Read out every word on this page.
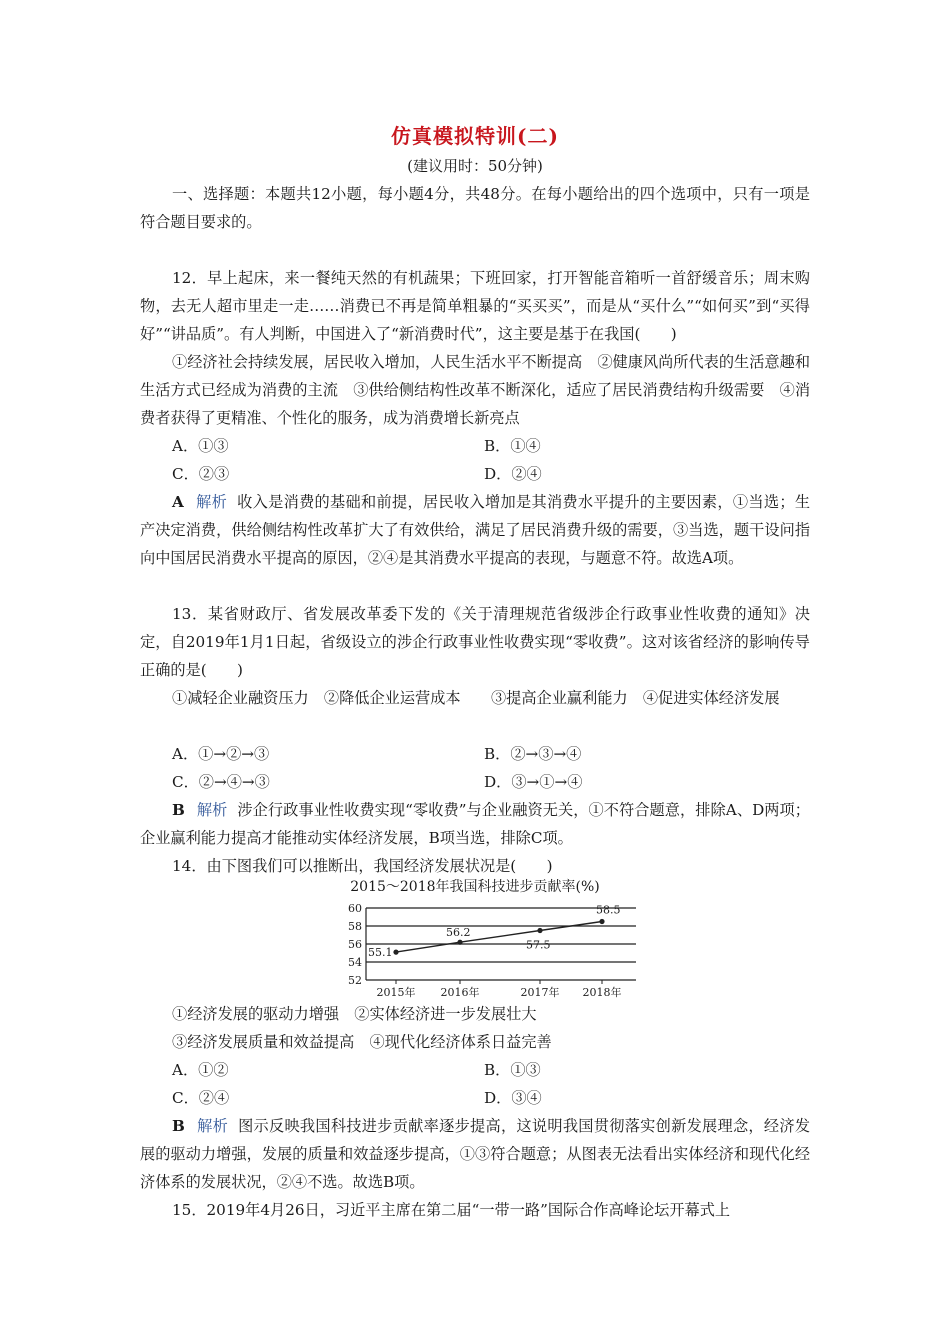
仿真模拟特训(二)
(建议用时：50分钟)

一、选择题：本题共12小题，每小题4分，共48分。在每小题给出的四个选项中，只有一项是符合题目要求的。

12．早上起床，来一餐纯天然的有机蔬果；下班回家，打开智能音箱听一首舒缓音乐；周末购物，去无人超市里走一走……消费已不再是简单粗暴的“买买买”，而是从“买什么”“如何买”到“买得好”“讲品质”。有人判断，中国进入了“新消费时代”，这主要是基于在我国(　　)

①经济社会持续发展，居民收入增加，人民生活水平不断提高　②健康风尚所代表的生活意趣和生活方式已经成为消费的主流　③供给侧结构性改革不断深化，适应了居民消费结构升级需要　④消费者获得了更精准、个性化的服务，成为消费增长新亮点

A．①③	B．①④
C．②③	D．②④

A 解析 收入是消费的基础和前提，居民收入增加是其消费水平提升的主要因素，①当选；生产决定消费，供给侧结构性改革扩大了有效供给，满足了居民消费升级的需要，③当选，题干设问指向中国居民消费水平提高的原因，②④是其消费水平提高的表现，与题意不符。故选A项。

13．某省财政厅、省发展改革委下发的《关于清理规范省级涉企行政事业性收费的通知》决定，自2019年1月1日起，省级设立的涉企行政事业性收费实现“零收费”。这对该省经济的影响传导正确的是(　　)

①减轻企业融资压力　②降低企业运营成本　　③提高企业赢利能力　④促进实体经济发展

A．①→②→③	B．②→③→④
C．②→④→③	D．③→①→④

B 解析 涉企行政事业性收费实现“零收费”与企业融资无关，①不符合题意，排除A、D两项；企业赢利能力提高才能推动实体经济发展，B项当选，排除C项。

14．由下图我们可以推断出，我国经济发展状况是(　　)

2015～2018年我国科技进步贡献率(%)
60
58
56
54
52
2015年 2016年	2017年 2018年
55.1
56.2
57.5
58.5

①经济发展的驱动力增强　②实体经济进一步发展壮大

③经济发展质量和效益提高　④现代化经济体系日益完善

A．①②	B．①③
C．②④	D．③④

B 解析 图示反映我国科技进步贡献率逐步提高，这说明我国贯彻落实创新发展理念，经济发展的驱动力增强，发展的质量和效益逐步提高，①③符合题意；从图表无法看出实体经济和现代化经济体系的发展状况，②④不选。故选B项。

15．2019年4月26日，习近平主席在第二届“一带一路”国际合作高峰论坛开幕式上
